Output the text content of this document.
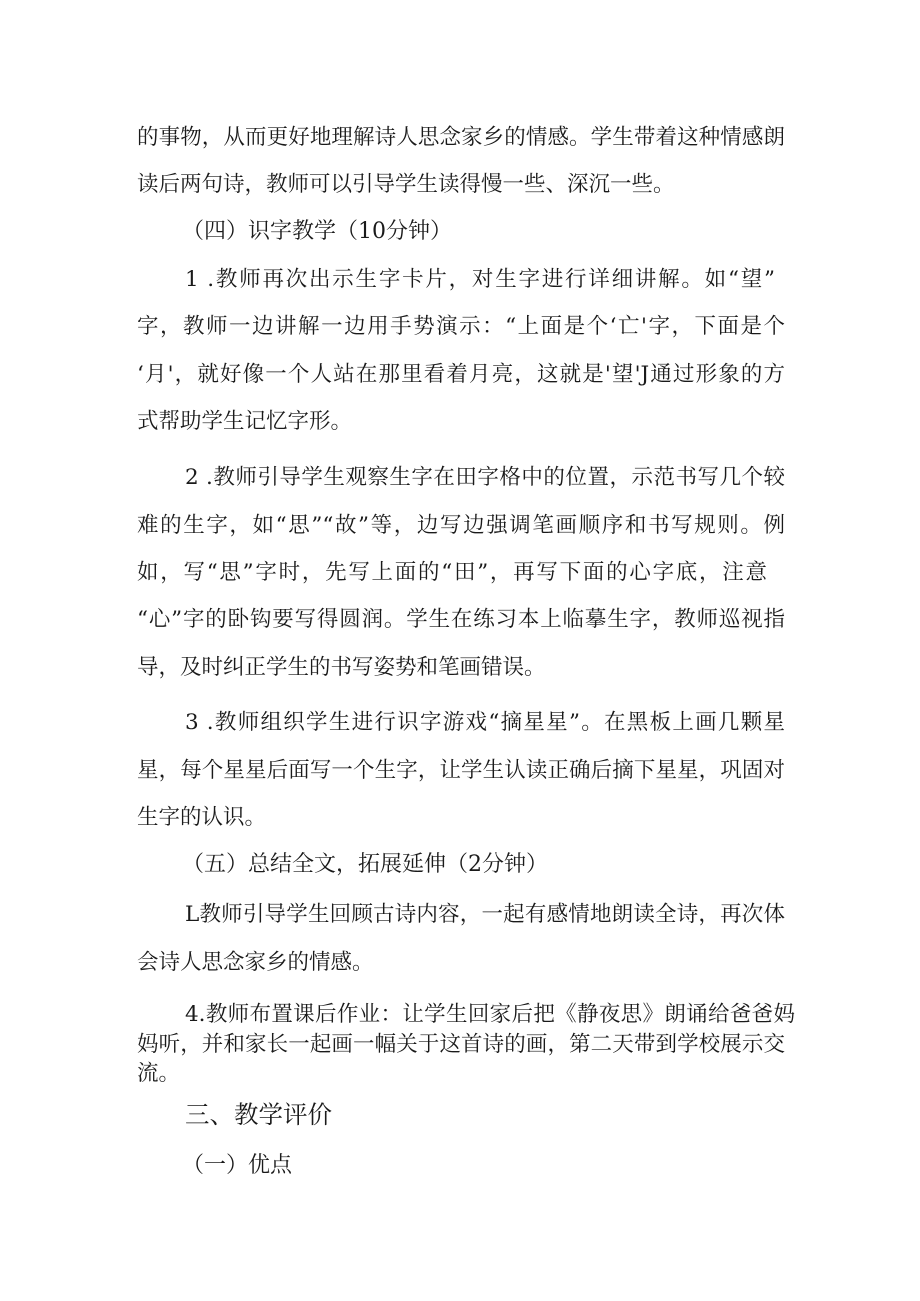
的事物，从而更好地理解诗人思念家乡的情感。学生带着这种情感朗

读后两句诗，教师可以引导学生读得慢一些、深沉一些。

（四）识字教学（10分钟）

1 .教师再次出示生字卡片，对生字进行详细讲解。如“望”

字，教师一边讲解一边用手势演示：“上面是个‘亡'字，下面是个

‘月'，就好像一个人站在那里看着月亮，这就是'望'J通过形象的方

式帮助学生记忆字形。

2 .教师引导学生观察生字在田字格中的位置，示范书写几个较

难的生字，如“思”“故”等，边写边强调笔画顺序和书写规则。例

如，写“思”字时，先写上面的“田”，再写下面的心字底，注意

“心”字的卧钩要写得圆润。学生在练习本上临摹生字，教师巡视指

导，及时纠正学生的书写姿势和笔画错误。

3 .教师组织学生进行识字游戏“摘星星”。在黑板上画几颗星

星，每个星星后面写一个生字，让学生认读正确后摘下星星，巩固对

生字的认识。

（五）总结全文，拓展延伸（2分钟）

L教师引导学生回顾古诗内容，一起有感情地朗读全诗，再次体

会诗人思念家乡的情感。

4.教师布置课后作业：让学生回家后把《静夜思》朗诵给爸爸妈

妈听，并和家长一起画一幅关于这首诗的画，第二天带到学校展示交

流。

三、教学评价

（一）优点
